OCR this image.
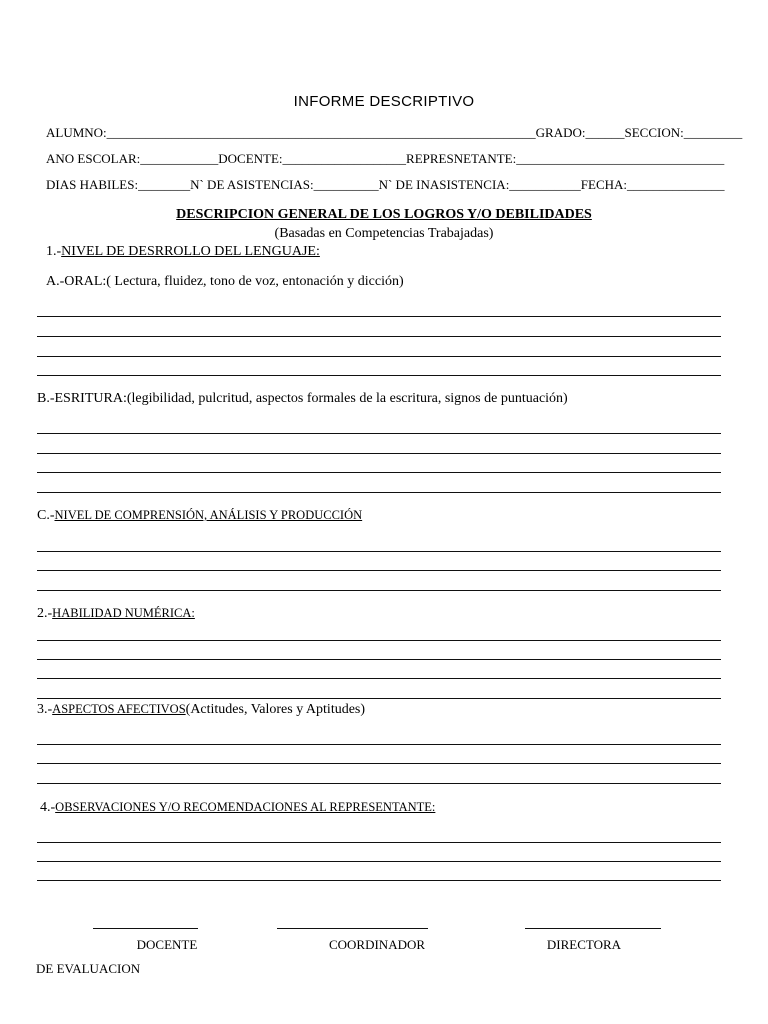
INFORME DESCRIPTIVO
ALUMNO:__________________________________________________________________GRADO:______SECCION:_________
ANO ESCOLAR:____________DOCENTE:___________________REPRESNETANTE:________________________________
DIAS HABILES:________N` DE ASISTENCIAS:__________N` DE INASISTENCIA:___________FECHA:_______________
DESCRIPCION GENERAL DE LOS LOGROS Y/O DEBILIDADES
(Basadas en Competencias Trabajadas)
1.-NIVEL DE DESRROLLO DEL LENGUAJE:
A.-ORAL:( Lectura, fluidez, tono de voz, entonación y dicción)
B.-ESRITURA:(legibilidad, pulcritud, aspectos formales de la escritura, signos de puntuación)
C.-NIVEL DE COMPRENSIÓN, ANÁLISIS Y PRODUCCIÓN
2.-HABILIDAD NUMÉRICA:
3.-ASPECTOS AFECTIVOS(Actitudes, Valores y Aptitudes)
4.-OBSERVACIONES Y/O RECOMENDACIONES AL REPRESENTANTE:
DOCENTE	COORDINADOR	DIRECTORA
DE EVALUACION
